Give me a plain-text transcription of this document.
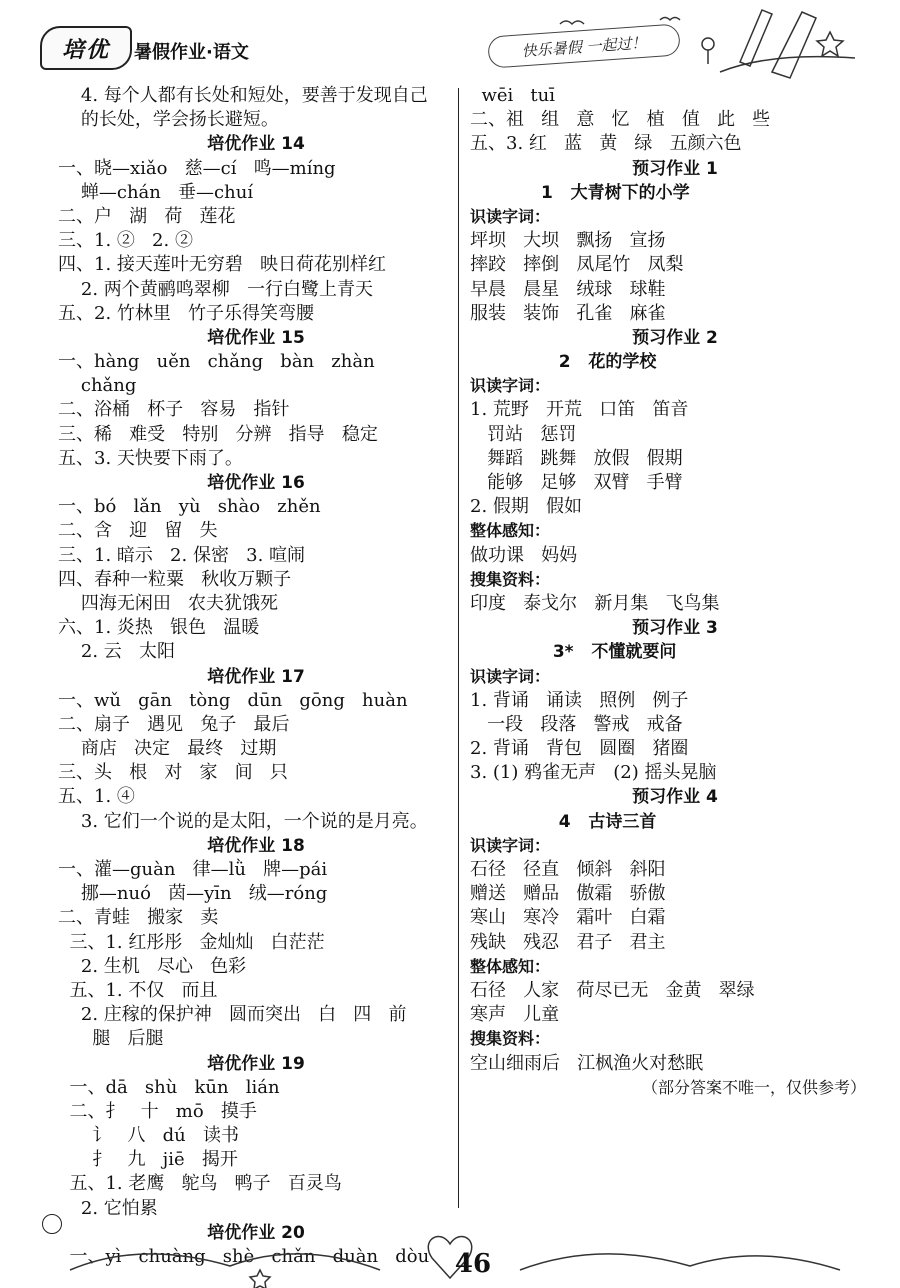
培优	暑假作业·语文	快乐暑假 一起过！
4. 每个人都有长处和短处，要善于发现自己
的长处，学会扬长避短。
培优作业 14
一、晓—xiǎo   慈—cí   鸣—míng
蝉—chán   垂—chuí
二、户   湖   荷   莲花
三、1. ②   2. ②
四、1. 接天莲叶无穷碧   映日荷花别样红
2. 两个黄鹂鸣翠柳   一行白鹭上青天
五、2. 竹林里   竹子乐得笑弯腰
培优作业 15
一、hàng   uěn   chǎng   bàn   zhàn
chǎng
二、浴桶   杯子   容易   指针
三、稀   难受   特别   分辨   指导   稳定
五、3. 天快要下雨了。
培优作业 16
一、bó   lǎn   yù   shào   zhěn
二、含   迎   留   失
三、1. 暗示   2. 保密   3. 喧闹
四、春种一粒粟   秋收万颗子
四海无闲田   农夫犹饿死
六、1. 炎热   银色   温暖
2. 云   太阳
培优作业 17
一、wǔ   gān   tòng   dūn   gōng   huàn
二、扇子   遇见   兔子   最后
商店   决定   最终   过期
三、头   根   对   家   间   只
五、1. ④
3. 它们一个说的是太阳，一个说的是月亮。
培优作业 18
一、灌—guàn   律—lǜ   牌—pái
挪—nuó   茵—yīn   绒—róng
二、青蛙   搬家   卖
三、1. 红彤彤   金灿灿   白茫茫
2. 生机   尽心   色彩
五、1. 不仅   而且
2. 庄稼的保护神   圆而突出   白   四   前
腿   后腿
培优作业 19
一、dā   shù   kūn   lián
二、扌   十   mō   摸手
讠   八   dú   读书
扌   九   jiē   揭开
五、1. 老鹰   鸵鸟   鸭子   百灵鸟
2. 它怕累
培优作业 20
一、yì   chuàng   shè   chǎn   duàn   dòu
wēi   tuī
二、祖   组   意   忆   植   值   此   些
五、3. 红   蓝   黄   绿   五颜六色
预习作业 1
1   大青树下的小学
识读字词：
坪坝   大坝   飘扬   宣扬
摔跤   摔倒   凤尾竹   凤梨
早晨   晨星   绒球   球鞋
服装   装饰   孔雀   麻雀
预习作业 2
2   花的学校
识读字词：
1. 荒野   开荒   口笛   笛音
罚站   惩罚
舞蹈   跳舞   放假   假期
能够   足够   双臂   手臂
2. 假期   假如
整体感知：
做功课   妈妈
搜集资料：
印度   泰戈尔   新月集   飞鸟集
预习作业 3
3*   不懂就要问
识读字词：
1. 背诵   诵读   照例   例子
一段   段落   警戒   戒备
2. 背诵   背包   圆圈   猪圈
3. (1) 鸦雀无声   (2) 摇头晃脑
预习作业 4
4   古诗三首
识读字词：
石径   径直   倾斜   斜阳
赠送   赠品   傲霜   骄傲
寒山   寒冷   霜叶   白霜
残缺   残忍   君子   君主
整体感知：
石径   人家   荷尽已无   金黄   翠绿
寒声   儿童
搜集资料：
空山细雨后   江枫渔火对愁眠
（部分答案不唯一，仅供参考）
46
